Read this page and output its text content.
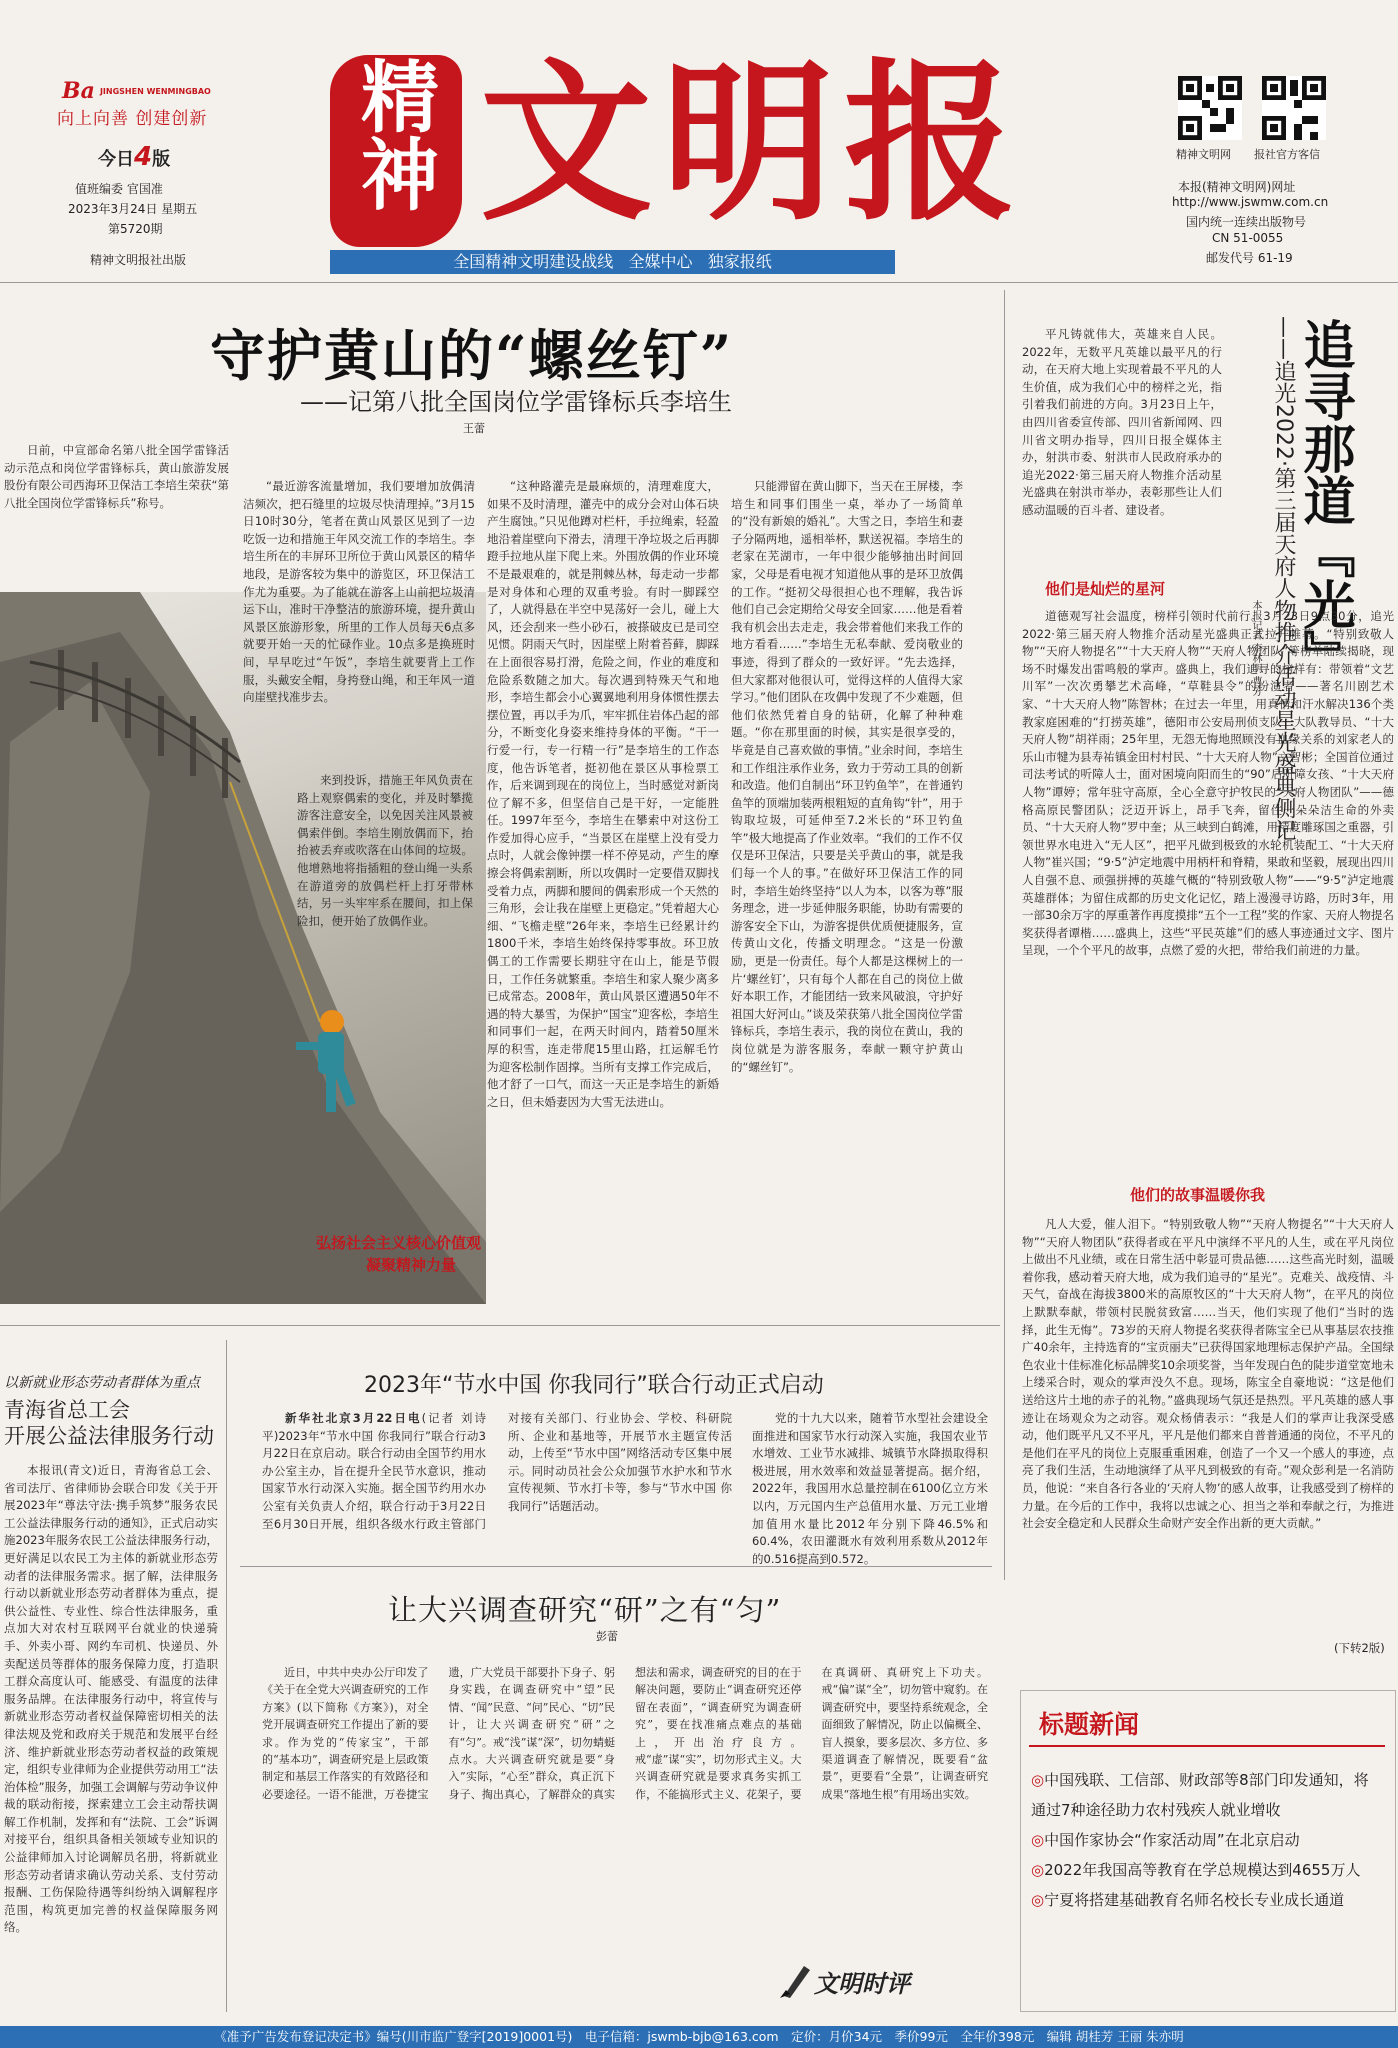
Ba $^{JINGSHEN WENMINGBAO}$
向上向善 创建创新
今日4版
值班编委 官国准
2023年3月24日 星期五
第5720期
精神文明报社出版
精神 文明报
全国精神文明建设战线 全媒中心 独家报纸
精神文明网 报社官方客信
本报(精神文明网)网址
http://www.jswmw.com.cn
国内统一连续出版物号
CN 51-0055
邮发代号 61-19
守护黄山的“螺丝钉”
——记第八批全国岗位学雷锋标兵李培生
王蕾

日前，中宣部命名第八批全国学雷锋活动示范点和岗位学雷锋标兵，黄山旅游发展股份有限公司西海环卫保洁工李培生荣获“第八批全国岗位学雷锋标兵”称号。

弘扬社会主义核心价值观
凝聚精神力量

来到投诉，措施王年风负责在路上观察偶索的变化，并及时攀揽游客注意安全，以免因关注风景被偶索伴倒。李培生刚放偶而下，抬抬被丢弃或吹落在山体间的垃圾。他增熟地将指插粗的登山绳一头系在游道旁的放偶栏杆上打牙带林结，另一头牢牢系在腰间，扣上保险扣，便开始了放偶作业。

“最近游客流量增加，我们要增加放偶清洁频次，把石缝里的垃圾尽快清理掉。”3月15日10时30分，笔者在黄山风景区见到了一边吃饭一边和措施王年风交流工作的李培生。李培生所在的丰屏环卫所位于黄山风景区的精华地段，是游客较为集中的游览区，环卫保洁工作尤为重要。为了能就在游客上山前把垃圾清运下山，准时干净整洁的旅游环境，提升黄山风景区旅游形象，所里的工作人员每天6点多就要开始一天的忙碌作业。10点多是换班时间，早早吃过“午饭”，李培生就要背上工作服，头戴安全帽，身挎登山绳，和王年风一道向崖壁找准步去。

“这种路灌壳是最麻烦的，清理难度大，如果不及时清理，灌壳中的成分会对山体石块产生腐蚀。”只见他蹲对栏杆，手拉绳索，轻盈地沿着崖壁向下滑去，清理干净垃圾之后再脚蹬手拉地从崖下爬上来。外围放偶的作业环境不是最艰难的，就是荆棘丛林，每走动一步都是对身体和心理的双重考验。有时一脚踩空了，人就得悬在半空中晃荡好一会儿，碰上大风，还会刮来一些小砂石，被搽破皮已是司空见惯。阴雨天气时，因崖壁上附着苔藓，脚踩在上面很容易打滑，危险之间，作业的难度和危险系数随之加大。每次遇到特殊天气和地形，李培生都会小心翼翼地利用身体惯性摆去摆位置，再以手为爪，牢牢抓住岩体凸起的部分，不断变化身姿来维持身体的平衡。“干一行爱一行，专一行精一行”是李培生的工作态度，他告诉笔者，挺初他在景区从事检票工作，后来调到现在的岗位上，当时感觉对新岗位了解不多，但坚信自己是干好，一定能胜任。1997年至今，李培生在攀索中对这份工作爱加得心应手，“当景区在崖壁上没有受力点时，人就会像钟摆一样不停晃动，产生的摩擦会将偶索割断，所以攻偶时一定要借双脚找受着力点，两脚和腰间的偶索形成一个天然的三角形，会让我在崖壁上更稳定。”凭着超大心细、“飞檐走壁”26年来，李培生已经累计约1800千米，李培生始终保持零事故。环卫放偶工的工作需要长期驻守在山上，能是节假日，工作任务就繁重。李培生和家人聚少离多已成常态。2008年，黄山风景区遭遇50年不遇的特大暴雪，为保护“国宝”迎客松，李培生和同事们一起，在两天时间内，踏着50厘米厚的积雪，连走带爬15里山路，扛运解毛竹为迎客松制作固撑。当所有支撑工作完成后，他才舒了一口气，而这一天正是李培生的新婚之日，但未婚妻因为大雪无法进山。

只能滞留在黄山脚下，当天在王屏楼，李培生和同事们围坐一桌，举办了一场简单的“没有新娘的婚礼”。大雪之日，李培生和妻子分隔两地，遥相举杯，默送祝福。李培生的老家在芜湖市，一年中很少能够抽出时间回家，父母是看电视才知道他从事的是环卫放偶的工作。“挺初父母很担心也不理解，我告诉他们自己会定期给父母安全回家……他是看着我有机会出去走走，我会带着他们来我工作的地方看看……”李培生无私奉献、爱岗敬业的事迹，得到了群众的一致好评。“先去选择，但大家都对他很认可，觉得这样的人值得大家学习。”他们团队在攻偶中发现了不少难题，但他们依然凭着自身的钻研，化解了种种难题。“你在那里面的时候，其实是很享受的，毕竟是自己喜欢做的事情。”业余时间，李培生和工作组注承作业务，致力于劳动工具的创新和改造。他们自制出“环卫钓鱼竿”，在普通钓鱼竿的顶端加装两根粗短的直角钩“针”，用于钩取垃圾，可延伸至7.2米长的“环卫钓鱼竿”极大地提高了作业效率。“我们的工作不仅仅是环卫保洁，只要是关乎黄山的事，就是我们每一个人的事。”在做好环卫保洁工作的同时，李培生始终坚持“以人为本，以客为尊”服务理念，进一步延伸服务职能，协助有需要的游客安全下山，为游客提供优质便捷服务，宣传黄山文化，传播文明理念。“这是一份激励，更是一份责任。每个人都是这棵树上的一片‘螺丝钉’，只有每个人都在自己的岗位上做好本职工作，才能团结一致来风破浪，守护好祖国大好河山。”谈及荣获第八批全国岗位学雷锋标兵，李培生表示，我的岗位在黄山，我的岗位就是为游客服务，奉献一颗守护黄山的“螺丝钉”。

追寻那道『光』
——追光2022·第三届天府人物推介活动星光盛典侧记
本报记者 李林明 曹芳

平凡铸就伟大，英雄来自人民。2022年，无数平凡英雄以最平凡的行动，在天府大地上实现着最不平凡的人生价值，成为我们心中的榜样之光，指引着我们前进的方向。3月23日上午，由四川省委宣传部、四川省新闻网、四川省文明办指导，四川日报全媒体主办，射洪市委、射洪市人民政府承办的追光2022·第三届天府人物推介活动星光盛典在射洪市举办，表彰那些让人们感动温暖的百斗者、建设者。

他们是灿烂的星河

道德观写社会温度，榜样引领时代前行。3月23日9点30分，追光2022·第三届天府人物推介活动星光盛典正式拉开帷幕。“特别致敬人物”“天府人物提名”“十大天府人物”“天府人物团队”等榜单陆续揭晓，现场不时爆发出雷鸣般的掌声。盛典上，我们追寻的榜样有：带领着“文艺川军”一次次勇攀艺术高峰，“草鞋县令”的扮演者——著名川剧艺术家、“十大天府人物”陈智林；在过去一年里，用真情和汗水解决136个类教家庭困难的“打捞英雄”，德阳市公安局刑侦支队一大队教导员、“十大天府人物”胡祥雨；25年里，无怨无悔地照顾没有血缘关系的刘家老人的乐山市犍为县寿祐镇金田村村民、“十大天府人物”文智彬；全国首位通过司法考试的听障人士，面对困境向阳而生的“90”后听障女孩、“十大天府人物”谭婷；常年驻守高原，全心全意守护牧民的“天府人物团队”——德格高原民警团队；泛迈开诉上，昂手飞奔，留住一朵朵洁生命的外卖员、“十大天府人物”罗中奎；从三峡到白鹤滩，用精度雕琢国之重器，引领世界水电进入“无人区”，把平凡做到极致的水轮机装配工、“十大天府人物”崔兴国；“9·5”泸定地震中用柄杆和脊精，果敢和坚毅，展现出四川人自强不息、顽强拼搏的英雄气概的“特别致敬人物”——“9·5”泸定地震英雄群体；为留住成都的历史文化记忆，踏上漫漫寻访路，历时3年，用一部30余万字的厚重著作再度摸排“五个一工程”奖的作家、天府人物提名奖获得者谭楷……盛典上，这些“平民英雄”们的感人事迹通过文字、图片呈现，一个个平凡的故事，点燃了爱的火把，带给我们前进的力量。

他们的故事温暖你我

凡人大爱，催人泪下。“特别致敬人物”“天府人物提名”“十大天府人物”“天府人物团队”获得者或在平凡中演绎不平凡的人生，或在平凡岗位上做出不凡业绩，或在日常生活中彰显可贵品德……这些高光时刻，温暖着你我，感动着天府大地，成为我们追寻的“星光”。克难关、战疫情、斗天气，奋战在海拔3800米的高原牧区的“十大天府人物”，在平凡的岗位上默默奉献，带领村民脱贫致富……当天，他们实现了他们“当时的选择，此生无悔”。73岁的天府人物提名奖获得者陈宝全已从事基层农技推广40余年，主持选育的“宝贡丽夫”已获得国家地理标志保护产品。全国绿色农业十佳标准化标品牌奖10余项奖誉，当年发现白色的陡步道堂宽地未上缕采合时，观众的掌声没久不息。现场，陈宝全自豪地说：“这是他们送给这片土地的赤子的礼物。”盛典现场气氛还是热烈。平凡英雄的感人事迹让在场观众为之动容。观众杨倩表示：“我是人们的掌声让我深受感动，他们既平凡又不平凡，平凡是他们都来自普普通通的岗位，不平凡的是他们在平凡的岗位上克服重重困难，创造了一个又一个感人的事迹，点亮了我们生活，生动地演绎了从平凡到极致的有奇。”观众彭利是一名消防员，他说：“来自各行各业的‘天府人物’的感人故事，让我感受到了榜样的力量。在今后的工作中，我将以忠诚之心、担当之举和奉献之行，为推进社会安全稳定和人民群众生命财产安全作出新的更大贡献。”

(下转2版)
以新就业形态劳动者群体为重点
青海省总工会
开展公益法律服务行动

本报讯(青文)近日，青海省总工会、省司法厅、省律师协会联合印发《关于开展2023年“尊法守法·携手筑梦”服务农民工公益法律服务行动的通知》，正式启动实施2023年服务农民工公益法律服务行动，更好满足以农民工为主体的新就业形态劳动者的法律服务需求。据了解，法律服务行动以新就业形态劳动者群体为重点，提供公益性、专业性、综合性法律服务，重点加大对农村互联网平台就业的快递骑手、外卖小哥、网约车司机、快递员、外卖配送员等群体的服务保障力度，打造职工群众高度认可、能感受、有温度的法律服务品牌。在法律服务行动中，将宣传与新就业形态劳动者权益保障密切相关的法律法规及党和政府关于规范和发展平台经济、维护新就业形态劳动者权益的政策规定，组织专业律师为企业提供劳动用工“法治体检”服务，加强工会调解与劳动争议仲裁的联动衔接，探索建立工会主动帮扶调解工作机制，发挥和有“法院、工会”诉调对接平台，组织具备相关领域专业知识的公益律师加入讨论调解员名册，将新就业形态劳动者请求确认劳动关系、支付劳动报酬、工伤保险待遇等纠纷纳入调解程序范围，构筑更加完善的权益保障服务网络。

2023年“节水中国 你我同行”联合行动正式启动

新华社北京3月22日电(记者 刘诗平)2023年“节水中国 你我同行”联合行动3月22日在京启动。联合行动由全国节约用水办公室主办，旨在提升全民节水意识，推动国家节水行动深入实施。据全国节约用水办公室有关负责人介绍，联合行动于3月22日至6月30日开展，组织各级水行政主管部门对接有关部门、行业协会、学校、科研院所、企业和基地等，开展节水主题宣传活动，上传至“节水中国”网络活动专区集中展示。同时动员社会公众加强节水护水和节水宣传视频、节水打卡等，参与“节水中国 你我同行”话题活动。

党的十九大以来，随着节水型社会建设全面推进和国家节水行动深入实施，我国农业节水增效、工业节水减排、城镇节水降损取得积极进展，用水效率和效益显著提高。据介绍，2022年，我国用水总量控制在6100亿立方米以内，万元国内生产总值用水量、万元工业增加值用水量比2012年分别下降46.5%和60.4%，农田灌溉水有效利用系数从2012年的0.516提高到0.572。

让大兴调查研究“研”之有“匀”
彭蕾

近日，中共中央办公厅印发了《关于在全党大兴调查研究的工作方案》(以下简称《方案》)，对全党开展调查研究工作提出了新的要求。作为党的“传家宝”，干部的“基本功”，调查研究是上层政策制定和基层工作落实的有效路径和必要途径。一语不能泄，万卷捷宝遗，广大党员干部要扑下身子、躬身实践，在调查研究中“望”民情、“闻”民意、“问”民心、“切”民计，让大兴调查研究“研”之有“匀”。戒“浅”谋“深”，切勿蜻蜓点水。大兴调查研究就是要“身入”实际，“心至”群众，真正沉下身子、掏出真心，了解群众的真实想法和需求，调查研究的目的在于解决问题，要防止“调查研究还停留在表面”，“调查研究为调查研究”，要在找准痛点难点的基础上，开出治疗良方。戒“虚”谋“实”，切勿形式主义。大兴调查研究就是要求真务实抓工作，不能搞形式主义、花架子，要在真调研、真研究上下功夫。戒“偏”谋“全”，切勿管中窥豹。在调查研究中，要坚持系统观念，全面细致了解情况，防止以偏概全、盲人摸象，要多层次、多方位、多渠道调查了解情况，既要看“盆景”，更要看“全景”，让调查研究成果“落地生根”有用场出实效。

文明时评
标题新闻
◎中国残联、工信部、财政部等8部门印发通知，将通过7种途径助力农村残疾人就业增收
◎中国作家协会“作家活动周”在北京启动
◎2022年我国高等教育在学总规模达到4655万人
◎宁夏将搭建基础教育名师名校长专业成长通道
《准予广告发布登记决定书》编号(川市监广登字[2019]0001号)　电子信箱：jswmb-bjb@163.com　定价：月价34元　季价99元　全年价398元　编辑 胡桂芳 王丽 朱亦明
